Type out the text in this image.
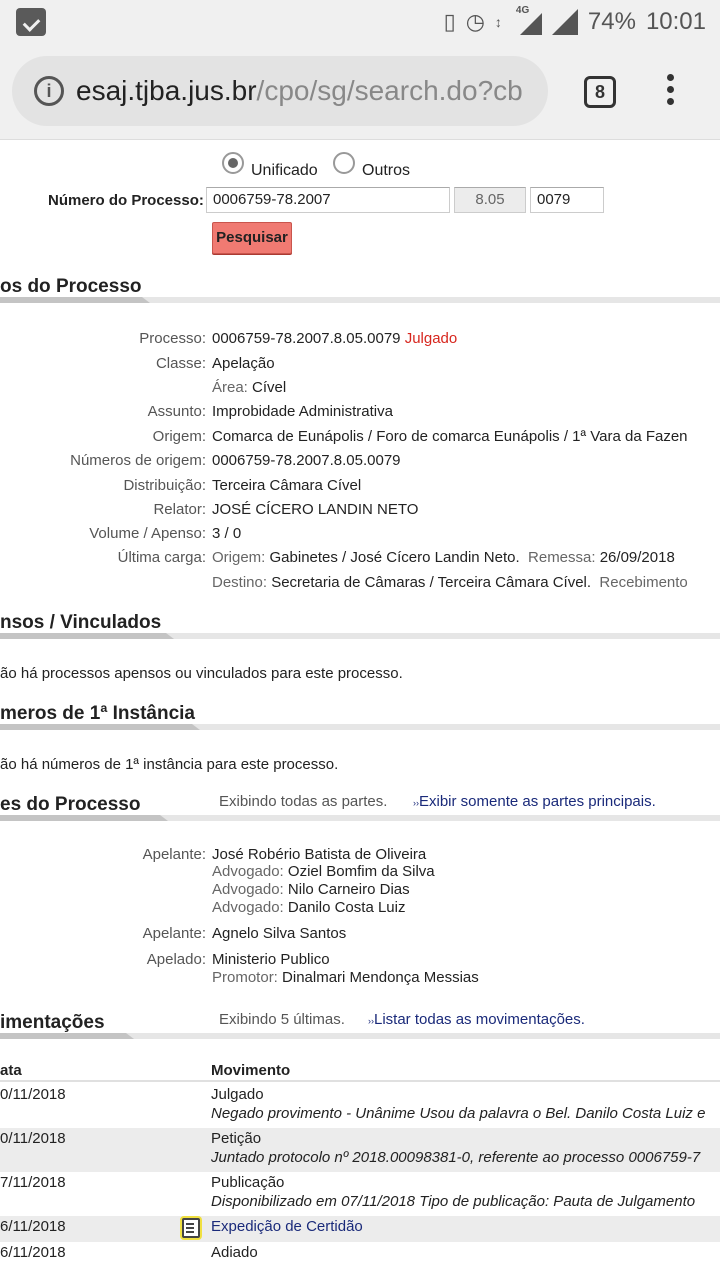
▯ ◷ ↕
4G 74% 10:01
i esaj.tjba.jus.br/cpo/sg/search.do?cb	8
Unificado	Outros
Número do Processo: 0006759-78.2007	8.05	0079
Pesquisar
os do Processo
Processo: 0006759-78.2007.8.05.0079 Julgado
Classe: Apelação
Área: Cível
Assunto: Improbidade Administrativa
Origem: Comarca de Eunápolis / Foro de comarca Eunápolis / 1ª Vara da Fazen
Números de origem: 0006759-78.2007.8.05.0079
Distribuição: Terceira Câmara Cível
Relator: JOSÉ CÍCERO LANDIN NETO
Volume / Apenso: 3 / 0
Última carga: Origem: Gabinetes / José Cícero Landin Neto. Remessa: 26/09/2018
Destino: Secretaria de Câmaras / Terceira Câmara Cível. Recebimento
nsos / Vinculados
ão há processos apensos ou vinculados para este processo.
meros de 1ª Instância
ão há números de 1ª instância para este processo.
es do Processo	Exibindo todas as partes.	››Exibir somente as partes principais.
Apelante: José Robério Batista de Oliveira
Advogado: Oziel Bomfim da Silva
Advogado: Nilo Carneiro Dias
Advogado: Danilo Costa Luiz
Apelante: Agnelo Silva Santos
Apelado: Ministerio Publico
Promotor: Dinalmari Mendonça Messias
imentações	Exibindo 5 últimas.	››Listar todas as movimentações.
ata	Movimento
0/11/2018	Julgado
Negado provimento - Unânime Usou da palavra o Bel. Danilo Costa Luiz e
0/11/2018	Petição
Juntado protocolo nº 2018.00098381-0, referente ao processo 0006759-7
7/11/2018	Publicação
Disponibilizado em 07/11/2018 Tipo de publicação: Pauta de Julgamento
6/11/2018	Expedição de Certidão
6/11/2018	Adiado
